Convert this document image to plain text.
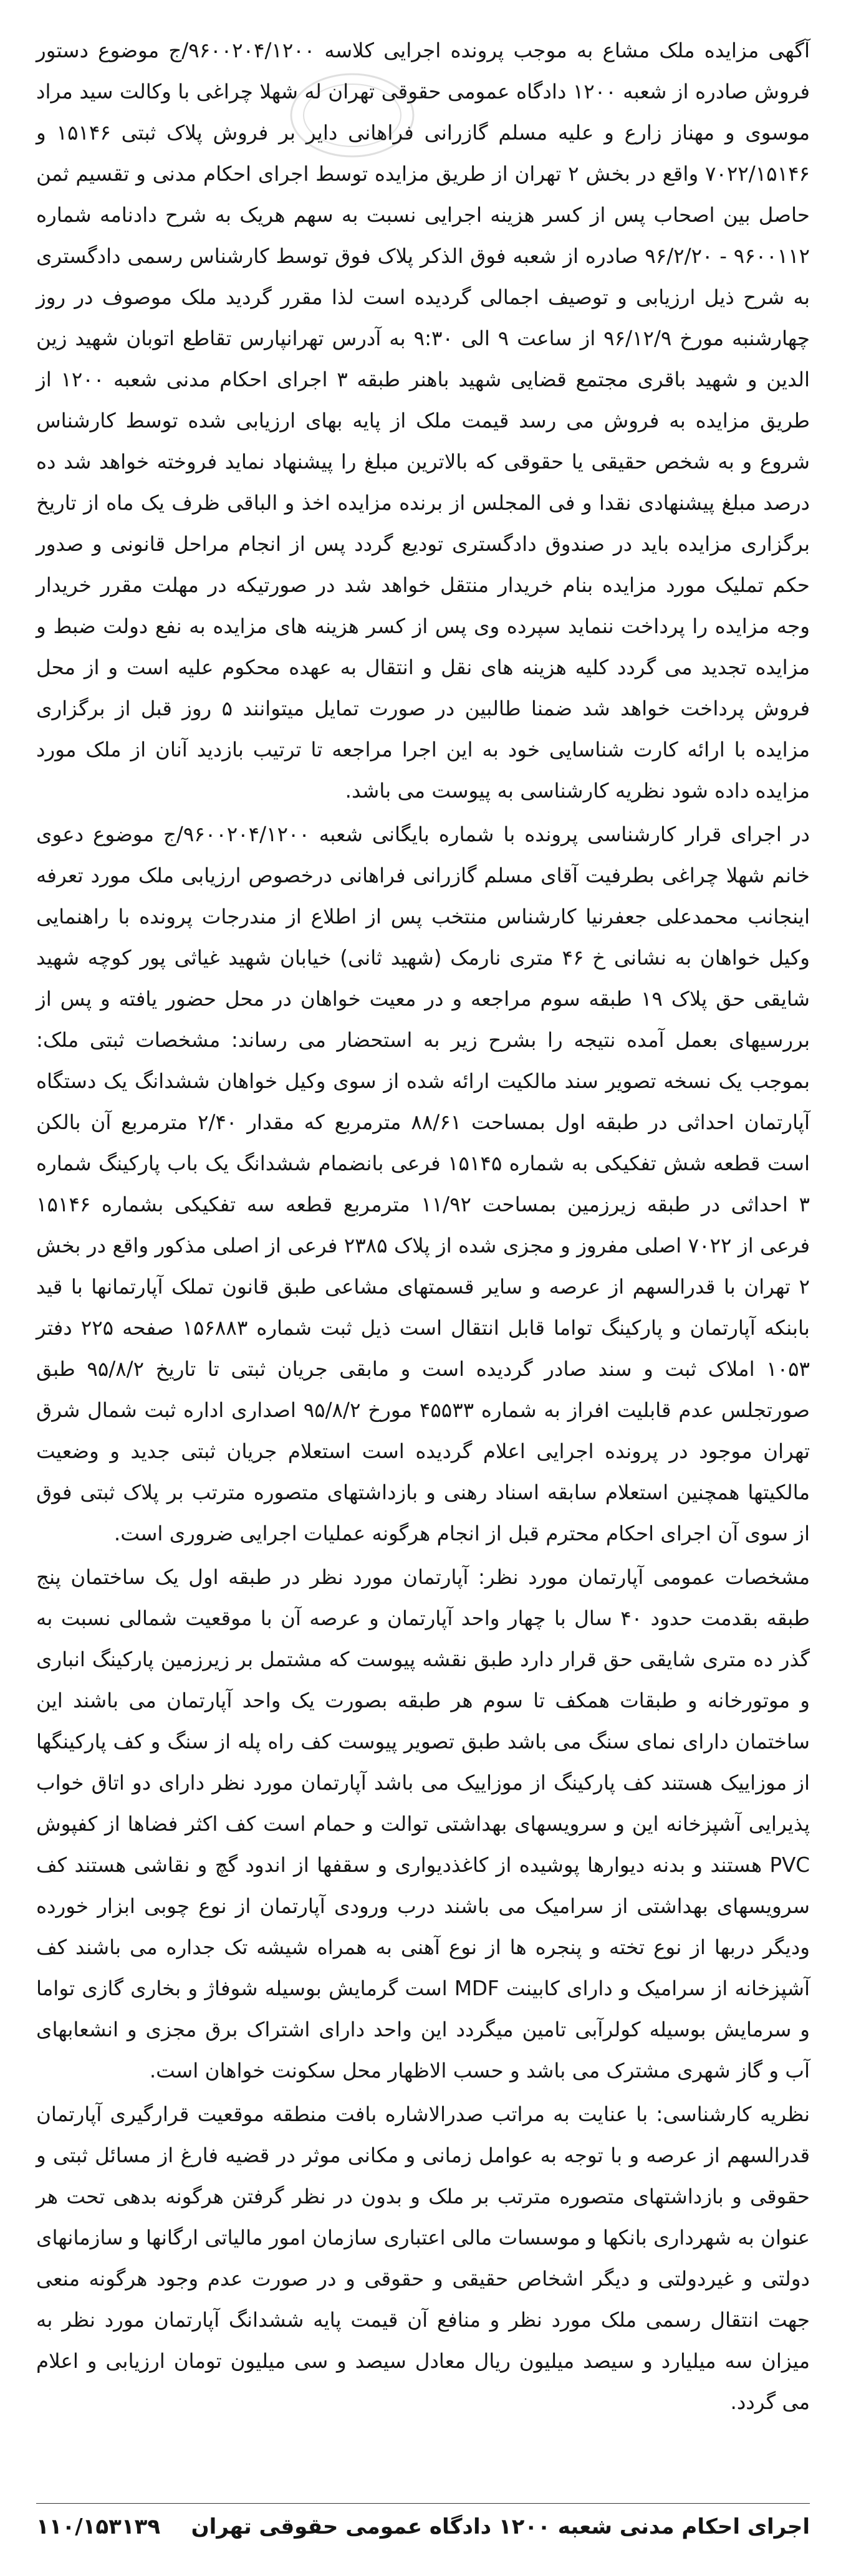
آگهی مزایده ملک مشاع به موجب پرونده اجرایی کلاسه ۹۶۰۰۲۰۴/۱۲۰۰/ج موضوع دستور فروش صادره از شعبه ۱۲۰۰ دادگاه عمومی حقوقی تهران له شهلا چراغی با وکالت سید مراد موسوی و مهناز زارع و علیه مسلم گازرانی فراهانی دایر بر فروش پلاک ثبتی ۱۵۱۴۶ و ۷۰۲۲/۱۵۱۴۶ واقع در بخش ۲ تهران از طریق مزایده توسط اجرای احکام مدنی و تقسیم ثمن حاصل بین اصحاب پس از کسر هزینه اجرایی نسبت به سهم هریک به شرح دادنامه شماره ۹۶۰۰۱۱۲ - ۹۶/۲/۲۰ صادره از شعبه فوق الذکر پلاک فوق توسط کارشناس رسمی دادگستری به شرح ذیل ارزیابی و توصیف اجمالی گردیده است لذا مقرر گردید ملک موصوف در روز چهارشنبه مورخ ۹۶/۱۲/۹ از ساعت ۹ الی ۹:۳۰ به آدرس تهرانپارس تقاطع اتوبان شهید زین الدین و شهید باقری مجتمع قضایی شهید باهنر طبقه ۳ اجرای احکام مدنی شعبه ۱۲۰۰ از طریق مزایده به فروش می رسد قیمت ملک از پایه بهای ارزیابی شده توسط کارشناس شروع و به شخص حقیقی یا حقوقی که بالاترین مبلغ را پیشنهاد نماید فروخته خواهد شد ده درصد مبلغ پیشنهادی نقدا و فی المجلس از برنده مزایده اخذ و الباقی ظرف یک ماه از تاریخ برگزاری مزایده باید در صندوق دادگستری تودیع گردد پس از انجام مراحل قانونی و صدور حکم تملیک مورد مزایده بنام خریدار منتقل خواهد شد در صورتیکه در مهلت مقرر خریدار وجه مزایده را پرداخت ننماید سپرده وی پس از کسر هزینه های مزایده به نفع دولت ضبط و مزایده تجدید می گردد کلیه هزینه های نقل و انتقال به عهده محکوم علیه است و از محل فروش پرداخت خواهد شد ضمنا طالبین در صورت تمایل میتوانند ۵ روز قبل از برگزاری مزایده با ارائه کارت شناسایی خود به این اجرا مراجعه تا ترتیب بازدید آنان از ملک مورد مزایده داده شود نظریه کارشناسی به پیوست می باشد.

در اجرای قرار کارشناسی پرونده با شماره بایگانی شعبه ۹۶۰۰۲۰۴/۱۲۰۰/ج موضوع دعوی خانم شهلا چراغی بطرفیت آقای مسلم گازرانی فراهانی درخصوص ارزیابی ملک مورد تعرفه اینجانب محمدعلی جعفرنیا کارشناس منتخب پس از اطلاع از مندرجات پرونده با راهنمایی وکیل خواهان به نشانی خ ۴۶ متری نارمک (شهید ثانی) خیابان شهید غیاثی پور کوچه شهید شایقی حق پلاک ۱۹ طبقه سوم مراجعه و در معیت خواهان در محل حضور یافته و پس از بررسیهای بعمل آمده نتیجه را بشرح زیر به استحضار می رساند: مشخصات ثبتی ملک: بموجب یک نسخه تصویر سند مالکیت ارائه شده از سوی وکیل خواهان ششدانگ یک دستگاه آپارتمان احداثی در طبقه اول بمساحت ۸۸/۶۱ مترمربع که مقدار ۲/۴۰ مترمربع آن بالکن است قطعه شش تفکیکی به شماره ۱۵۱۴۵ فرعی بانضمام ششدانگ یک باب پارکینگ شماره ۳ احداثی در طبقه زیرزمین بمساحت ۱۱/۹۲ مترمربع قطعه سه تفکیکی بشماره ۱۵۱۴۶ فرعی از ۷۰۲۲ اصلی مفروز و مجزی شده از پلاک ۲۳۸۵ فرعی از اصلی مذکور واقع در بخش ۲ تهران با قدرالسهم از عرصه و سایر قسمتهای مشاعی طبق قانون تملک آپارتمانها با قید بابنکه آپارتمان و پارکینگ تواما قابل انتقال است ذیل ثبت شماره ۱۵۶۸۸۳ صفحه ۲۲۵ دفتر ۱۰۵۳ املاک ثبت و سند صادر گردیده است و مابقی جریان ثبتی تا تاریخ ۹۵/۸/۲ طبق صورتجلس عدم قابلیت افراز به شماره ۴۵۵۳۳ مورخ ۹۵/۸/۲ اصداری اداره ثبت شمال شرق تهران موجود در پرونده اجرایی اعلام گردیده است استعلام جریان ثبتی جدید و وضعیت مالکیتها همچنین استعلام سابقه اسناد رهنی و بازداشتهای متصوره مترتب بر پلاک ثبتی فوق از سوی آن اجرای احکام محترم قبل از انجام هرگونه عملیات اجرایی ضروری است.

مشخصات عمومی آپارتمان مورد نظر: آپارتمان مورد نظر در طبقه اول یک ساختمان پنج طبقه بقدمت حدود ۴۰ سال با چهار واحد آپارتمان و عرصه آن با موقعیت شمالی نسبت به گذر ده متری شایقی حق قرار دارد طبق نقشه پیوست که مشتمل بر زیرزمین پارکینگ انباری و موتورخانه و طبقات همکف تا سوم هر طبقه بصورت یک واحد آپارتمان می باشند این ساختمان دارای نمای سنگ می باشد طبق تصویر پیوست کف راه پله از سنگ و کف پارکینگها از موزاییک هستند کف پارکینگ از موزاییک می باشد آپارتمان مورد نظر دارای دو اتاق خواب پذیرایی آشپزخانه این و سرویسهای بهداشتی توالت و حمام است کف اکثر فضاها از کفپوش PVC هستند و بدنه دیوارها پوشیده از کاغذدیواری و سقفها از اندود گچ و نقاشی هستند کف سرویسهای بهداشتی از سرامیک می باشند درب ورودی آپارتمان از نوع چوبی ابزار خورده ودیگر دربها از نوع تخته و پنجره ها از نوع آهنی به همراه شیشه تک جداره می باشند کف آشپزخانه از سرامیک و دارای کابینت MDF است گرمایش بوسیله شوفاژ و بخاری گازی تواما و سرمایش بوسیله کولرآبی تامین میگردد این واحد دارای اشتراک برق مجزی و انشعابهای آب و گاز شهری مشترک می باشد و حسب الاظهار محل سکونت خواهان است.

نظریه کارشناسی: با عنایت به مراتب صدرالاشاره بافت منطقه موقعیت قرارگیری آپارتمان قدرالسهم از عرصه و با توجه به عوامل زمانی و مکانی موثر در قضیه فارغ از مسائل ثبتی و حقوقی و بازداشتهای متصوره مترتب بر ملک و بدون در نظر گرفتن هرگونه بدهی تحت هر عنوان به شهرداری بانکها و موسسات مالی اعتباری سازمان امور مالیاتی ارگانها و سازمانهای دولتی و غیردولتی و دیگر اشخاص حقیقی و حقوقی و در صورت عدم وجود هرگونه منعی جهت انتقال رسمی ملک مورد نظر و منافع آن قیمت پایه ششدانگ آپارتمان مورد نظر به میزان سه میلیارد و سیصد میلیون ریال معادل سیصد و سی میلیون تومان ارزیابی و اعلام می گردد.

اجرای احکام مدنی شعبه ۱۲۰۰ دادگاه عمومی حقوقی تهران
۱۱۰/۱۵۳۱۳۹
